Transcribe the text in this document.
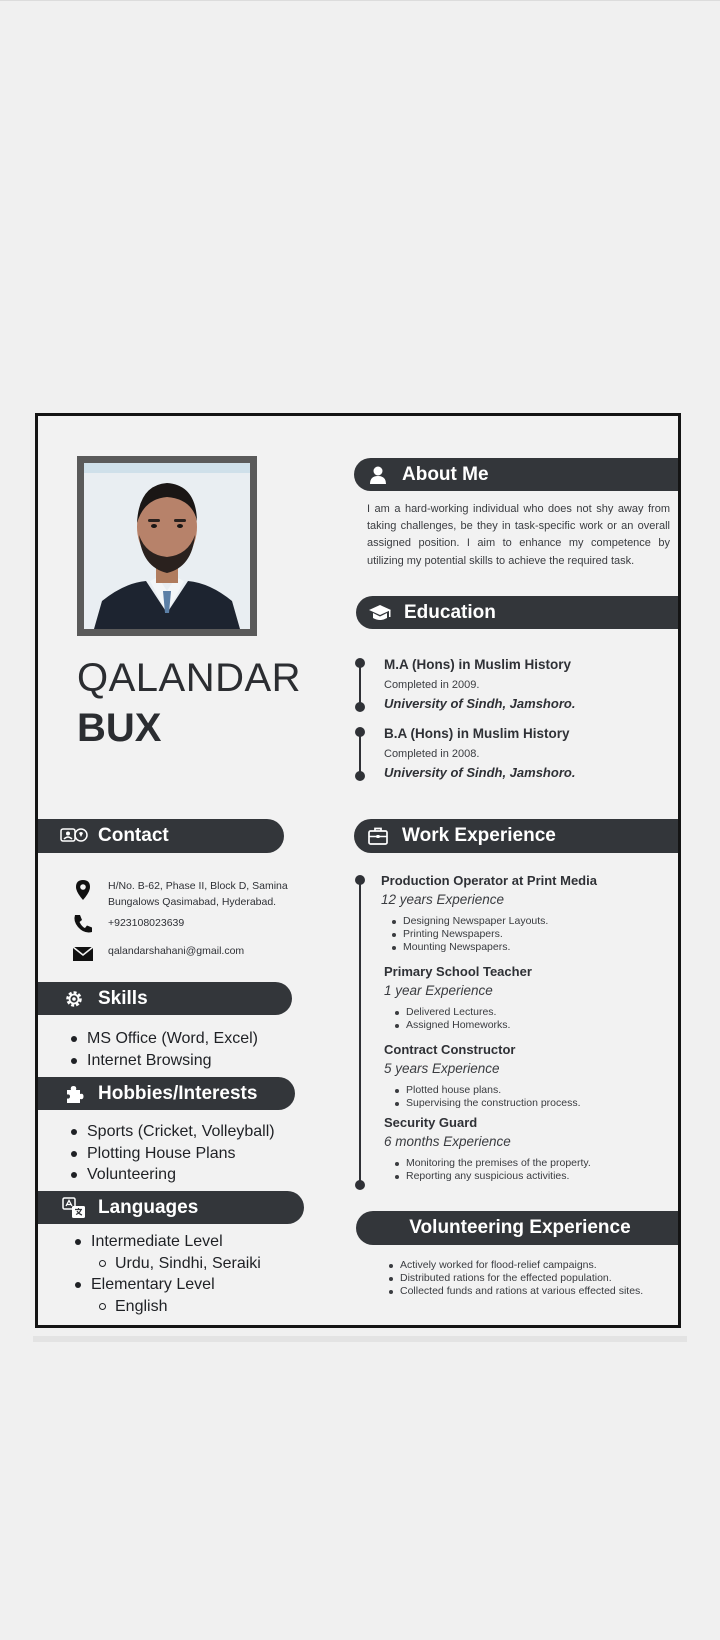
QALANDAR
BUX
About Me
I am a hard-working individual who does not shy away from taking challenges, be they in task-specific work or an overall assigned position. I aim to enhance my competence by utilizing my potential skills to achieve the required task.
Education
M.A (Hons) in Muslim History
Completed in 2009.
University of Sindh, Jamshoro.
B.A (Hons) in Muslim History
Completed in 2008.
University of Sindh, Jamshoro.
Contact
H/No. B-62, Phase II, Block D, Samina
Bungalows Qasimabad, Hyderabad.
+923108023639
qalandarshahani@gmail.com
Skills
MS Office (Word, Excel)
Internet Browsing
Hobbies/Interests
Sports (Cricket, Volleyball)
Plotting House Plans
Volunteering
Languages
Intermediate Level
Urdu, Sindhi, Seraiki
Elementary Level
English
Work Experience
Production Operator at Print Media
12 years Experience
Designing Newspaper Layouts.
Printing Newspapers.
Mounting Newspapers.
Primary School Teacher
1 year Experience
Delivered Lectures.
Assigned Homeworks.
Contract Constructor
5 years Experience
Plotted house plans.
Supervising the construction process.
Security Guard
6 months Experience
Monitoring the premises of the property.
Reporting any suspicious activities.
Volunteering Experience
Actively worked for flood-relief campaigns.
Distributed rations for the effected population.
Collected funds and rations at various effected sites.
